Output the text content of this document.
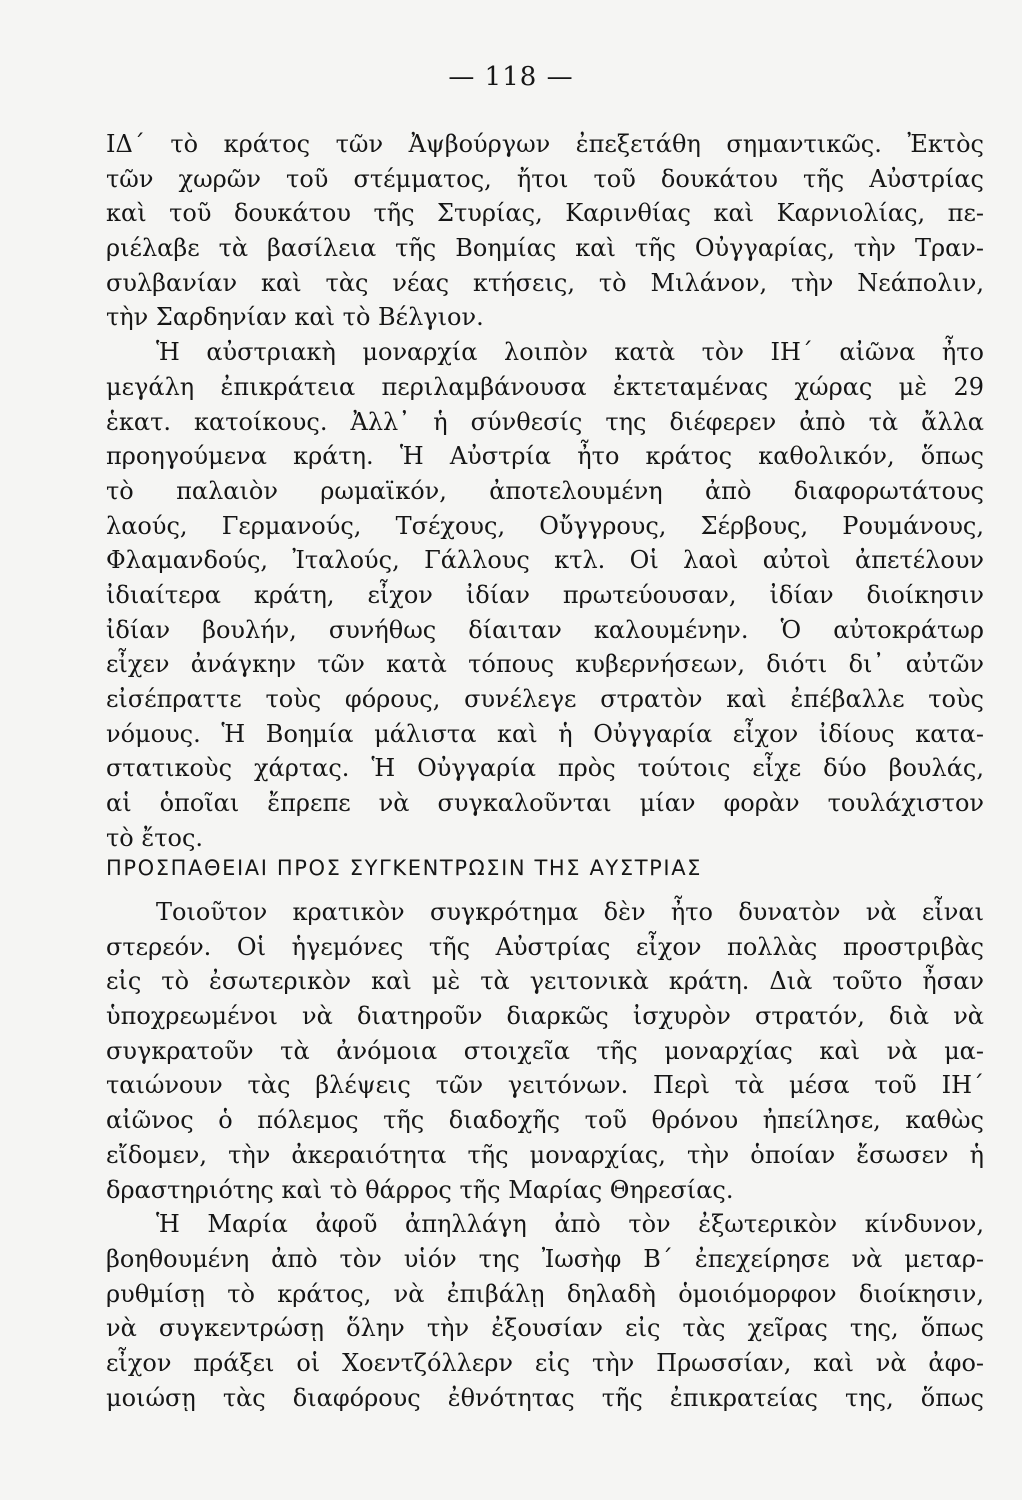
— 118 —
ΙΔ΄ τὸ κράτος τῶν Ἀψβούργων ἐπεξετάθη σημαντικῶς. Ἐκτὸς
τῶν χωρῶν τοῦ στέμματος, ἤτοι τοῦ δουκάτου τῆς Αὐστρίας
καὶ τοῦ δουκάτου τῆς Στυρίας, Καρινθίας καὶ Καρνιολίας, πε-
ριέλαβε τὰ βασίλεια τῆς Βοημίας καὶ τῆς Οὐγγαρίας, τὴν Τραν-
συλβανίαν καὶ τὰς νέας κτήσεις, τὸ Μιλάνον, τὴν Νεάπολιν,
τὴν Σαρδηνίαν καὶ τὸ Βέλγιον.
Ἡ αὐστριακὴ μοναρχία λοιπὸν κατὰ τὸν ΙΗ΄ αἰῶνα ἦτο
μεγάλη ἐπικράτεια περιλαμβάνουσα ἐκτεταμένας χώρας μὲ 29
ἑκατ. κατοίκους. Ἀλλ᾽ ἡ σύνθεσίς της διέφερεν ἀπὸ τὰ ἄλλα
προηγούμενα κράτη. Ἡ Αὐστρία ἦτο κράτος καθολικόν, ὅπως
τὸ παλαιὸν ρωμαϊκόν, ἀποτελουμένη ἀπὸ διαφορωτάτους
λαούς, Γερμανούς, Τσέχους, Οὔγγρους, Σέρβους, Ρουμάνους,
Φλαμανδούς, Ἰταλούς, Γάλλους κτλ. Οἱ λαοὶ αὐτοὶ ἀπετέλουν
ἰδιαίτερα κράτη, εἶχον ἰδίαν πρωτεύουσαν, ἰδίαν διοίκησιν
ἰδίαν βουλήν, συνήθως δίαιταν καλουμένην. Ὁ αὐτοκράτωρ
εἶχεν ἀνάγκην τῶν κατὰ τόπους κυβερνήσεων, διότι δι᾽ αὐτῶν
εἰσέπραττε τοὺς φόρους, συνέλεγε στρατὸν καὶ ἐπέβαλλε τοὺς
νόμους. Ἡ Βοημία μάλιστα καὶ ἡ Οὐγγαρία εἶχον ἰδίους κατα-
στατικοὺς χάρτας. Ἡ Οὐγγαρία πρὸς τούτοις εἶχε δύο βουλάς,
αἱ ὁποῖαι ἔπρεπε νὰ συγκαλοῦνται μίαν φορὰν τουλάχιστον
τὸ ἔτος.
ΠΡΟΣΠΑΘΕΙΑΙ ΠΡΟΣ ΣΥΓΚΕΝΤΡΩΣΙΝ ΤΗΣ ΑΥΣΤΡΙΑΣ
Τοιοῦτον κρατικὸν συγκρότημα δὲν ἦτο δυνατὸν νὰ εἶναι
στερεόν. Οἱ ἡγεμόνες τῆς Αὐστρίας εἶχον πολλὰς προστριβὰς
εἰς τὸ ἐσωτερικὸν καὶ μὲ τὰ γειτονικὰ κράτη. Διὰ τοῦτο ἦσαν
ὑποχρεωμένοι νὰ διατηροῦν διαρκῶς ἰσχυρὸν στρατόν, διὰ νὰ
συγκρατοῦν τὰ ἀνόμοια στοιχεῖα τῆς μοναρχίας καὶ νὰ μα-
ταιώνουν τὰς βλέψεις τῶν γειτόνων. Περὶ τὰ μέσα τοῦ ΙΗ΄
αἰῶνος ὁ πόλεμος τῆς διαδοχῆς τοῦ θρόνου ἠπείλησε, καθὼς
εἴδομεν, τὴν ἀκεραιότητα τῆς μοναρχίας, τὴν ὁποίαν ἔσωσεν ἡ
δραστηριότης καὶ τὸ θάρρος τῆς Μαρίας Θηρεσίας.
Ἡ Μαρία ἀφοῦ ἀπηλλάγη ἀπὸ τὸν ἐξωτερικὸν κίνδυνον,
βοηθουμένη ἀπὸ τὸν υἱόν της Ἰωσὴφ Β΄ ἐπεχείρησε νὰ μεταρ-
ρυθμίσῃ τὸ κράτος, νὰ ἐπιβάλῃ δηλαδὴ ὁμοιόμορφον διοίκησιν,
νὰ συγκεντρώσῃ ὅλην τὴν ἐξουσίαν εἰς τὰς χεῖρας της, ὅπως
εἶχον πράξει οἱ Χοεντζόλλερν εἰς τὴν Πρωσσίαν, καὶ νὰ ἀφο-
μοιώσῃ τὰς διαφόρους ἐθνότητας τῆς ἐπικρατείας της, ὅπως
